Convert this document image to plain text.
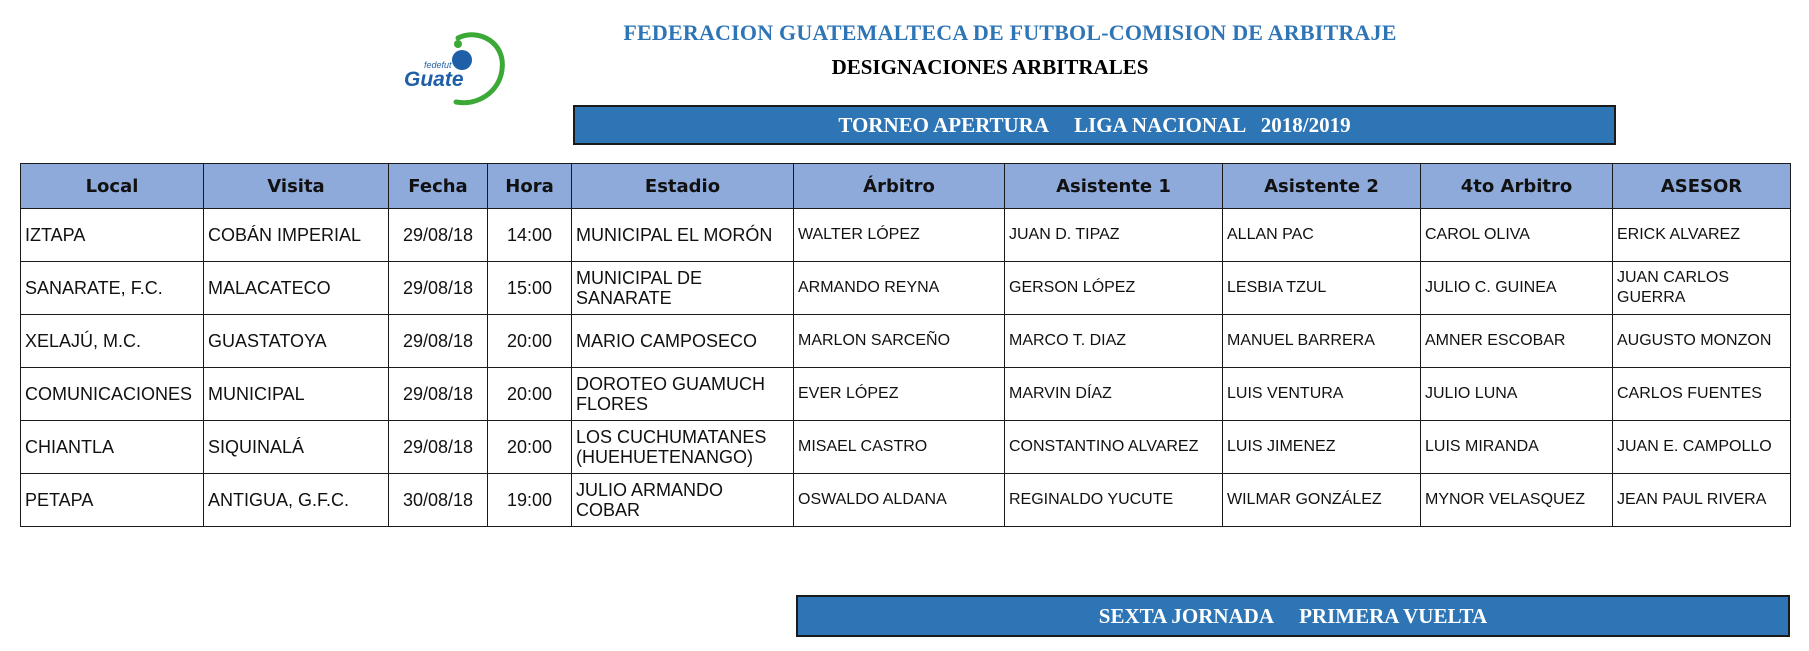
fedefut
Guate
FEDERACION GUATEMALTECA DE FUTBOL-COMISION DE ARBITRAJE
DESIGNACIONES ARBITRALES
TORNEO APERTURA     LIGA NACIONAL   2018/2019
Local	Visita	Fecha	Hora	Estadio	Árbitro	Asistente 1	Asistente 2	4to Arbitro	ASESOR
IZTAPA	COBÁN IMPERIAL	29/08/18	14:00	MUNICIPAL EL MORÓN	WALTER LÓPEZ	JUAN D. TIPAZ	ALLAN PAC	CAROL OLIVA	ERICK ALVAREZ
SANARATE, F.C.	MALACATECO	29/08/18	15:00	MUNICIPAL DE SANARATE	ARMANDO REYNA	GERSON LÓPEZ	LESBIA TZUL	JULIO C. GUINEA	JUAN CARLOS GUERRA
XELAJÚ, M.C.	GUASTATOYA	29/08/18	20:00	MARIO CAMPOSECO	MARLON SARCEÑO	MARCO T. DIAZ	MANUEL BARRERA	AMNER ESCOBAR	AUGUSTO MONZON
COMUNICACIONES	MUNICIPAL	29/08/18	20:00	DOROTEO GUAMUCH FLORES	EVER LÓPEZ	MARVIN DÍAZ	LUIS VENTURA	JULIO LUNA	CARLOS FUENTES
CHIANTLA	SIQUINALÁ	29/08/18	20:00	LOS CUCHUMATANES (HUEHUETENANGO)	MISAEL CASTRO	CONSTANTINO ALVAREZ	LUIS JIMENEZ	LUIS MIRANDA	JUAN E. CAMPOLLO
PETAPA	ANTIGUA, G.F.C.	30/08/18	19:00	JULIO ARMANDO COBAR	OSWALDO ALDANA	REGINALDO YUCUTE	WILMAR GONZÁLEZ	MYNOR VELASQUEZ	JEAN PAUL RIVERA
SEXTA JORNADA     PRIMERA VUELTA
